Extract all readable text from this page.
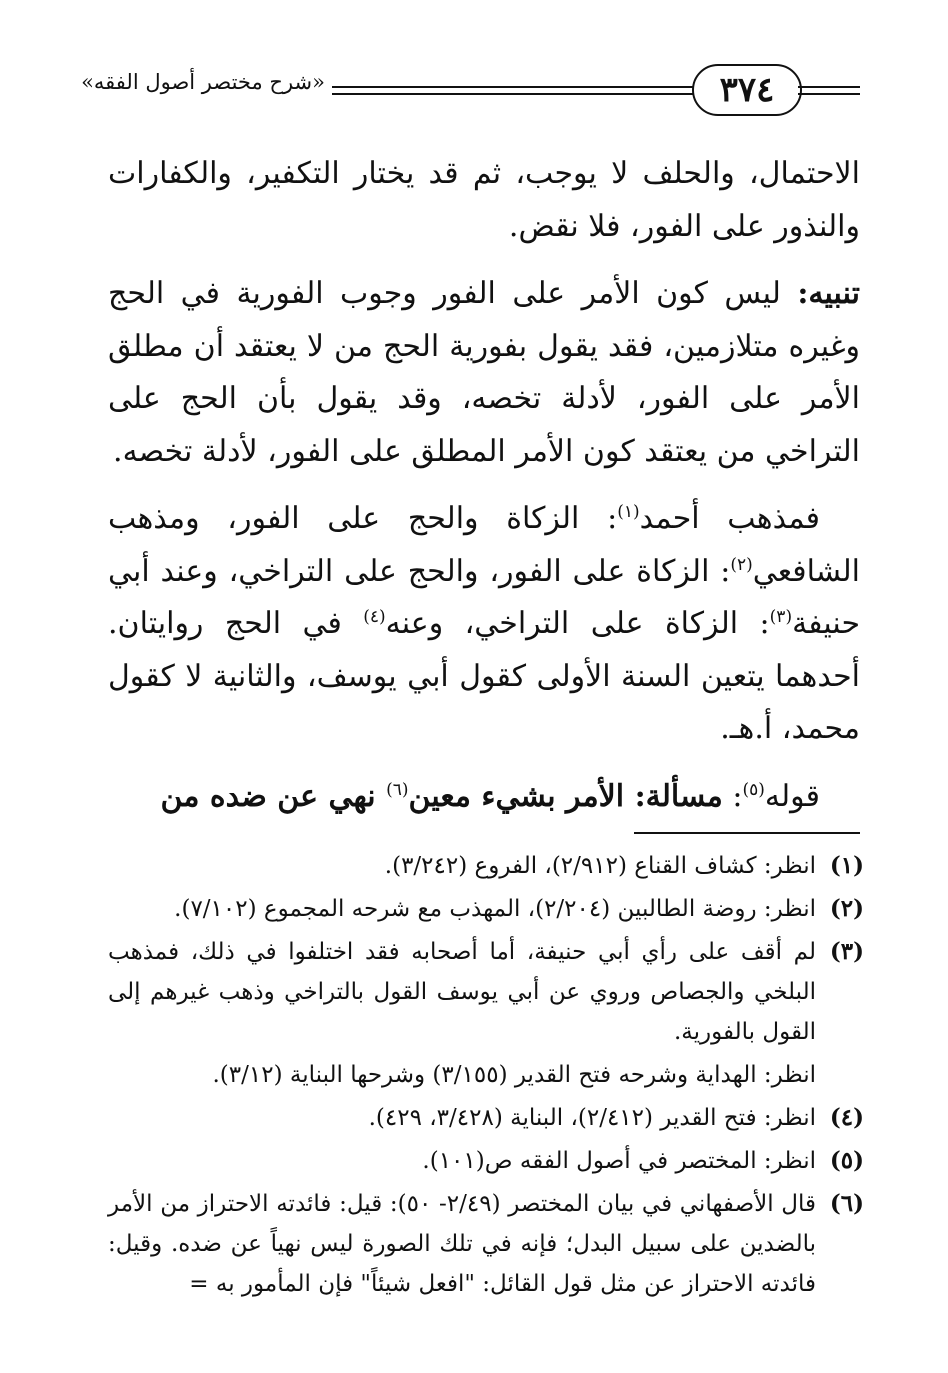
«شرح مختصر أصول الفقه»	٣٧٤

الاحتمال، والحلف لا يوجب، ثم قد يختار التكفير، والكفارات والنذور على الفور، فلا نقض.

تنبيه: ليس كون الأمر على الفور وجوب الفورية في الحج وغيره متلازمين، فقد يقول بفورية الحج من لا يعتقد أن مطلق الأمر على الفور، لأدلة تخصه، وقد يقول بأن الحج على التراخي من يعتقد كون الأمر المطلق على الفور، لأدلة تخصه.

فمذهب أحمد$^{(١)}$: الزكاة والحج على الفور، ومذهب الشافعي$^{(٢)}$: الزكاة على الفور، والحج على التراخي، وعند أبي حنيفة$^{(٣)}$: الزكاة على التراخي، وعنه$^{(٤)}$ في الحج روايتان. أحدهما يتعين السنة الأولى كقول أبي يوسف، والثانية لا كقول محمد، أ.هـ.

قوله$^{(٥)}$: مسألة: الأمر بشيء معين$^{(٦)}$ نهي عن ضده من

(١)
انظر: كشاف القناع (٢/٩١٢)، الفروع (٣/٢٤٢).
(٢)
انظر: روضة الطالبين (٢/٢٠٤)، المهذب مع شرحه المجموع (٧/١٠٢).
(٣)
لم أقف على رأي أبي حنيفة، أما أصحابه فقد اختلفوا في ذلك، فمذهب البلخي والجصاص وروي عن أبي يوسف القول بالتراخي وذهب غيرهم إلى القول بالفورية.
انظر: الهداية وشرحه فتح القدير (٣/١٥٥) وشرحها البناية (٣/١٢).
(٤)
انظر: فتح القدير (٢/٤١٢)، البناية (٣/٤٢٨، ٤٢٩).
(٥)
انظر: المختصر في أصول الفقه ص(١٠١).
(٦)
قال الأصفهاني في بيان المختصر (٢/٤٩- ٥٠): قيل: فائدته الاحتراز من الأمر بالضدين على سبيل البدل؛ فإنه في تلك الصورة ليس نهياً عن ضده. وقيل: فائدته الاحتراز عن مثل قول القائل: "افعل شيئاً" فإن المأمور به =
